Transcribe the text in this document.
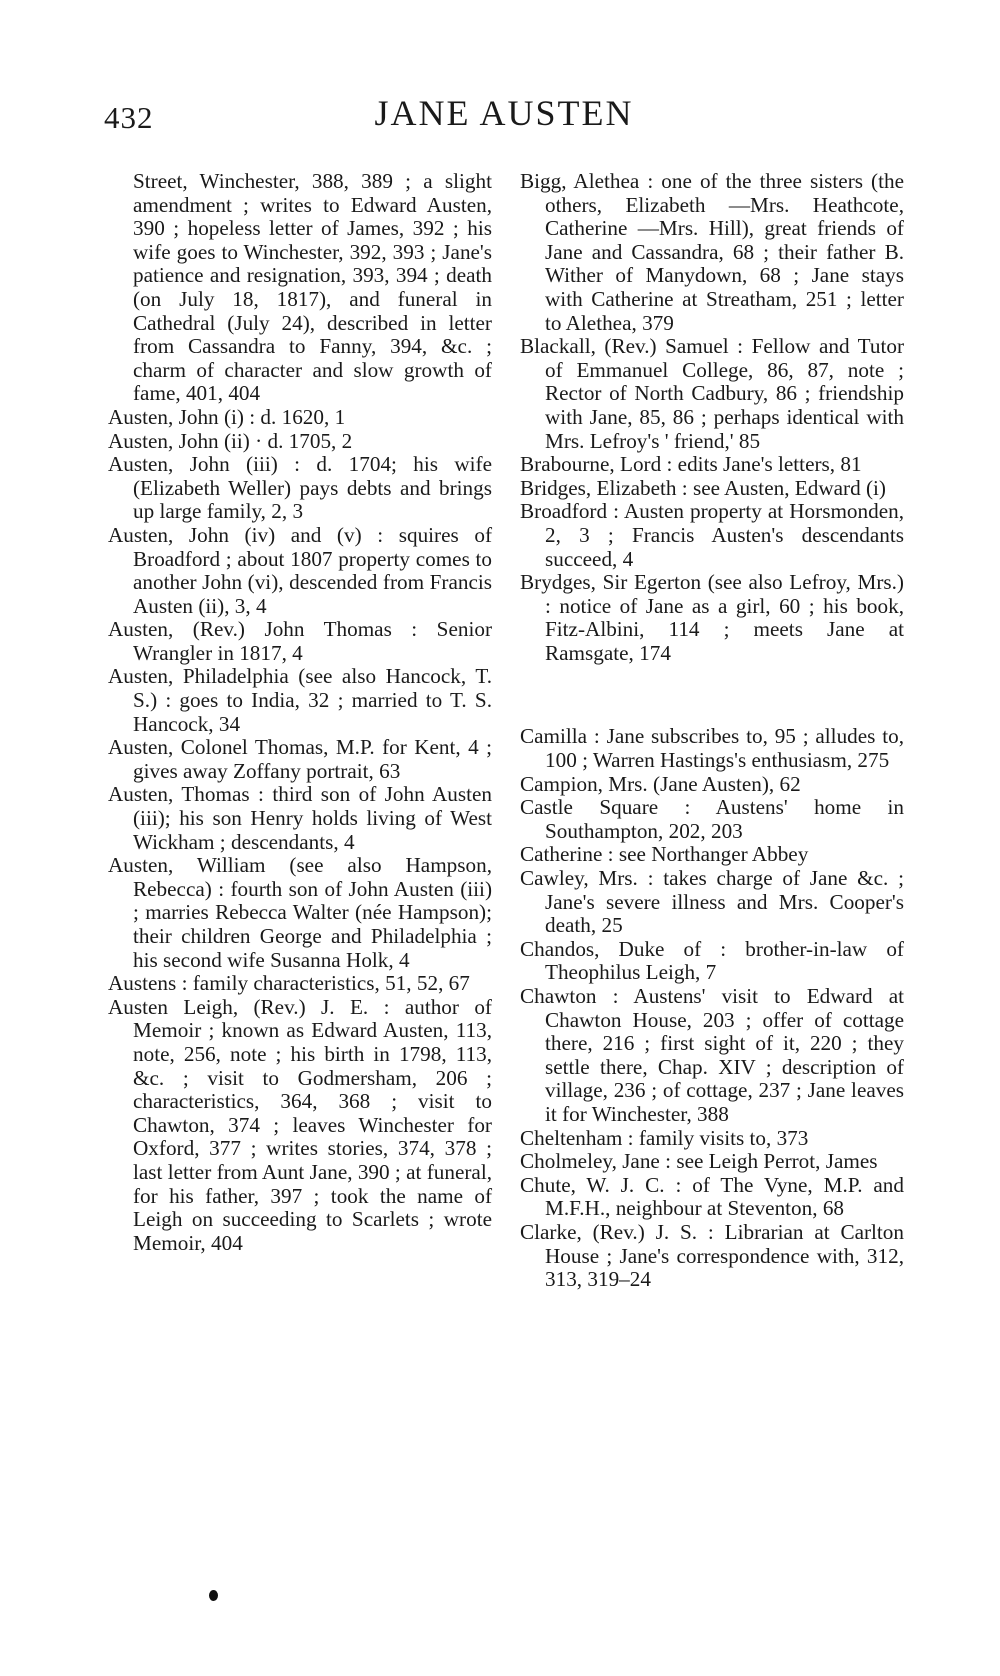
432	JANE AUSTEN

Street, Winchester, 388, 389 ; a slight amendment ; writes to Edward Austen, 390 ; hopeless letter of James, 392 ; his wife goes to Winchester, 392, 393 ; Jane's patience and resignation, 393, 394 ; death (on July 18, 1817), and funeral in Cathedral (July 24), described in letter from Cassandra to Fanny, 394, &c. ; charm of character and slow growth of fame, 401, 404

Austen, John (i) : d. 1620, 1

Austen, John (ii) · d. 1705, 2

Austen, John (iii) : d. 1704; his wife (Elizabeth Weller) pays debts and brings up large family, 2, 3

Austen, John (iv) and (v) : squires of Broadford ; about 1807 property comes to another John (vi), descended from Francis Austen (ii), 3, 4

Austen, (Rev.) John Thomas : Senior Wrangler in 1817, 4

Austen, Philadelphia (see also Hancock, T. S.) : goes to India, 32 ; married to T. S. Hancock, 34

Austen, Colonel Thomas, M.P. for Kent, 4 ; gives away Zoffany portrait, 63

Austen, Thomas : third son of John Austen (iii); his son Henry holds living of West Wickham ; descendants, 4

Austen, William (see also Hampson, Rebecca) : fourth son of John Austen (iii) ; marries Rebecca Walter (née Hampson); their children George and Philadelphia ; his second wife Susanna Holk, 4

Austens : family characteristics, 51, 52, 67

Austen Leigh, (Rev.) J. E. : author of Memoir ; known as Edward Austen, 113, note, 256, note ; his birth in 1798, 113, &c. ; visit to Godmersham, 206 ; characteristics, 364, 368 ; visit to Chawton, 374 ; leaves Winchester for Oxford, 377 ; writes stories, 374, 378 ; last letter from Aunt Jane, 390 ; at funeral, for his father, 397 ; took the name of Leigh on succeeding to Scarlets ; wrote Memoir, 404

Bigg, Alethea : one of the three sisters (the others, Elizabeth —Mrs. Heathcote, Catherine —Mrs. Hill), great friends of Jane and Cassandra, 68 ; their father B. Wither of Manydown, 68 ; Jane stays with Catherine at Streatham, 251 ; letter to Alethea, 379

Blackall, (Rev.) Samuel : Fellow and Tutor of Emmanuel College, 86, 87, note ; Rector of North Cadbury, 86 ; friendship with Jane, 85, 86 ; perhaps identical with Mrs. Lefroy's ' friend,' 85

Brabourne, Lord : edits Jane's letters, 81

Bridges, Elizabeth : see Austen, Edward (i)

Broadford : Austen property at Horsmonden, 2, 3 ; Francis Austen's descendants succeed, 4

Brydges, Sir Egerton (see also Lefroy, Mrs.) : notice of Jane as a girl, 60 ; his book, Fitz-Albini, 114 ; meets Jane at Ramsgate, 174

Camilla : Jane subscribes to, 95 ; alludes to, 100 ; Warren Hastings's enthusiasm, 275

Campion, Mrs. (Jane Austen), 62

Castle Square : Austens' home in Southampton, 202, 203

Catherine : see Northanger Abbey

Cawley, Mrs. : takes charge of Jane &c. ; Jane's severe illness and Mrs. Cooper's death, 25

Chandos, Duke of : brother-in-law of Theophilus Leigh, 7

Chawton : Austens' visit to Edward at Chawton House, 203 ; offer of cottage there, 216 ; first sight of it, 220 ; they settle there, Chap. XIV ; description of village, 236 ; of cottage, 237 ; Jane leaves it for Winchester, 388

Cheltenham : family visits to, 373

Cholmeley, Jane : see Leigh Perrot, James

Chute, W. J. C. : of The Vyne, M.P. and M.F.H., neighbour at Steventon, 68

Clarke, (Rev.) J. S. : Librarian at Carlton House ; Jane's correspondence with, 312, 313, 319–24
